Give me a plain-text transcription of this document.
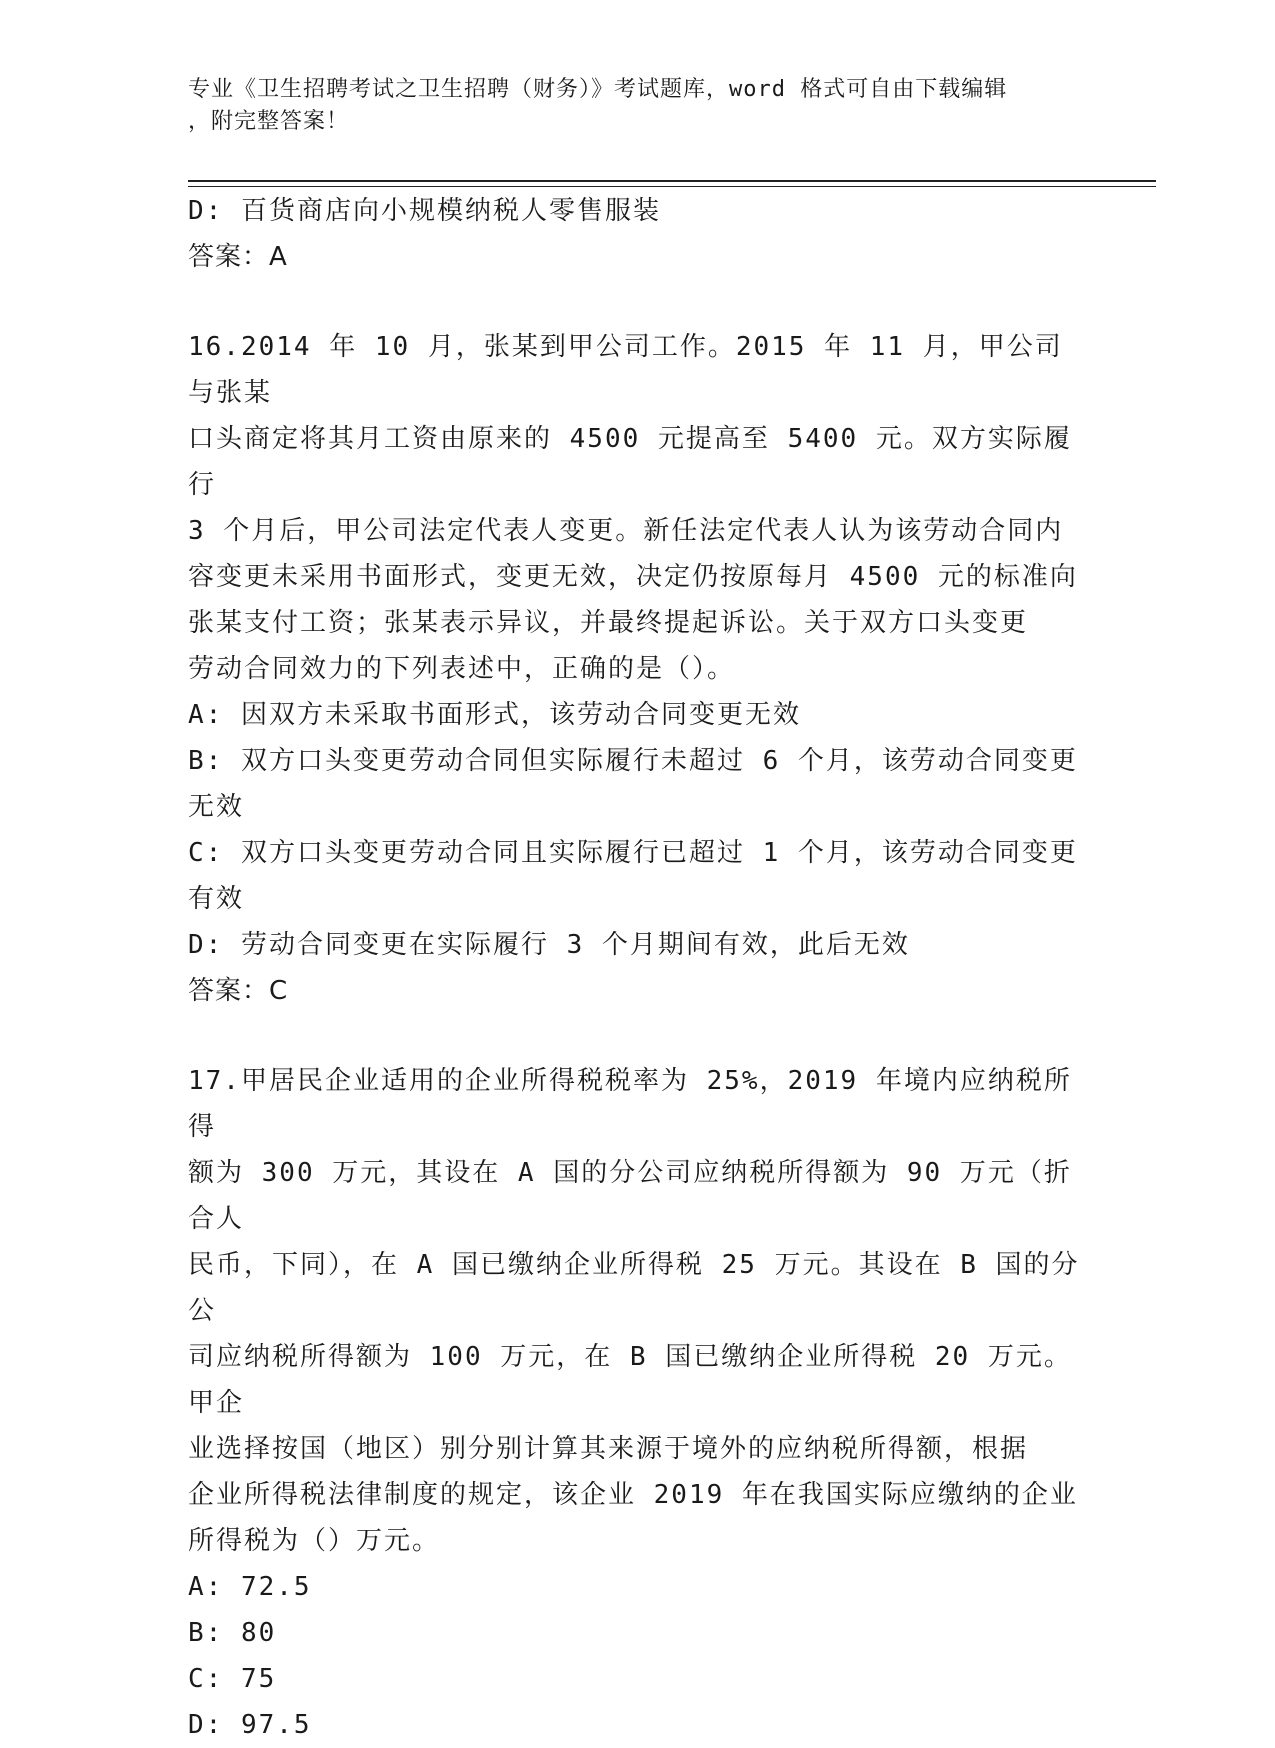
专业《卫生招聘考试之卫生招聘（财务）》考试题库，word 格式可自由下载编辑
，附完整答案！

D: 百货商店向小规模纳税人零售服装

答案：A

16.2014 年 10 月，张某到甲公司工作。2015 年 11 月，甲公司与张某

口头商定将其月工资由原来的 4500 元提高至 5400 元。双方实际履行

3 个月后，甲公司法定代表人变更。新任法定代表人认为该劳动合同内

容变更未采用书面形式，变更无效，决定仍按原每月 4500 元的标准向

张某支付工资；张某表示异议，并最终提起诉讼。关于双方口头变更

劳动合同效力的下列表述中，正确的是（）。

A: 因双方未采取书面形式，该劳动合同变更无效

B: 双方口头变更劳动合同但实际履行未超过 6 个月，该劳动合同变更

无效

C: 双方口头变更劳动合同且实际履行已超过 1 个月，该劳动合同变更

有效

D: 劳动合同变更在实际履行 3 个月期间有效，此后无效

答案：C

17.甲居民企业适用的企业所得税税率为 25%，2019 年境内应纳税所得

额为 300 万元，其设在 A 国的分公司应纳税所得额为 90 万元（折合人

民币，下同），在 A 国已缴纳企业所得税 25 万元。其设在 B 国的分公

司应纳税所得额为 100 万元，在 B 国已缴纳企业所得税 20 万元。甲企

业选择按国（地区）别分别计算其来源于境外的应纳税所得额，根据

企业所得税法律制度的规定，该企业 2019 年在我国实际应缴纳的企业

所得税为（）万元。

A: 72.5

B: 80

C: 75

D: 97.5
